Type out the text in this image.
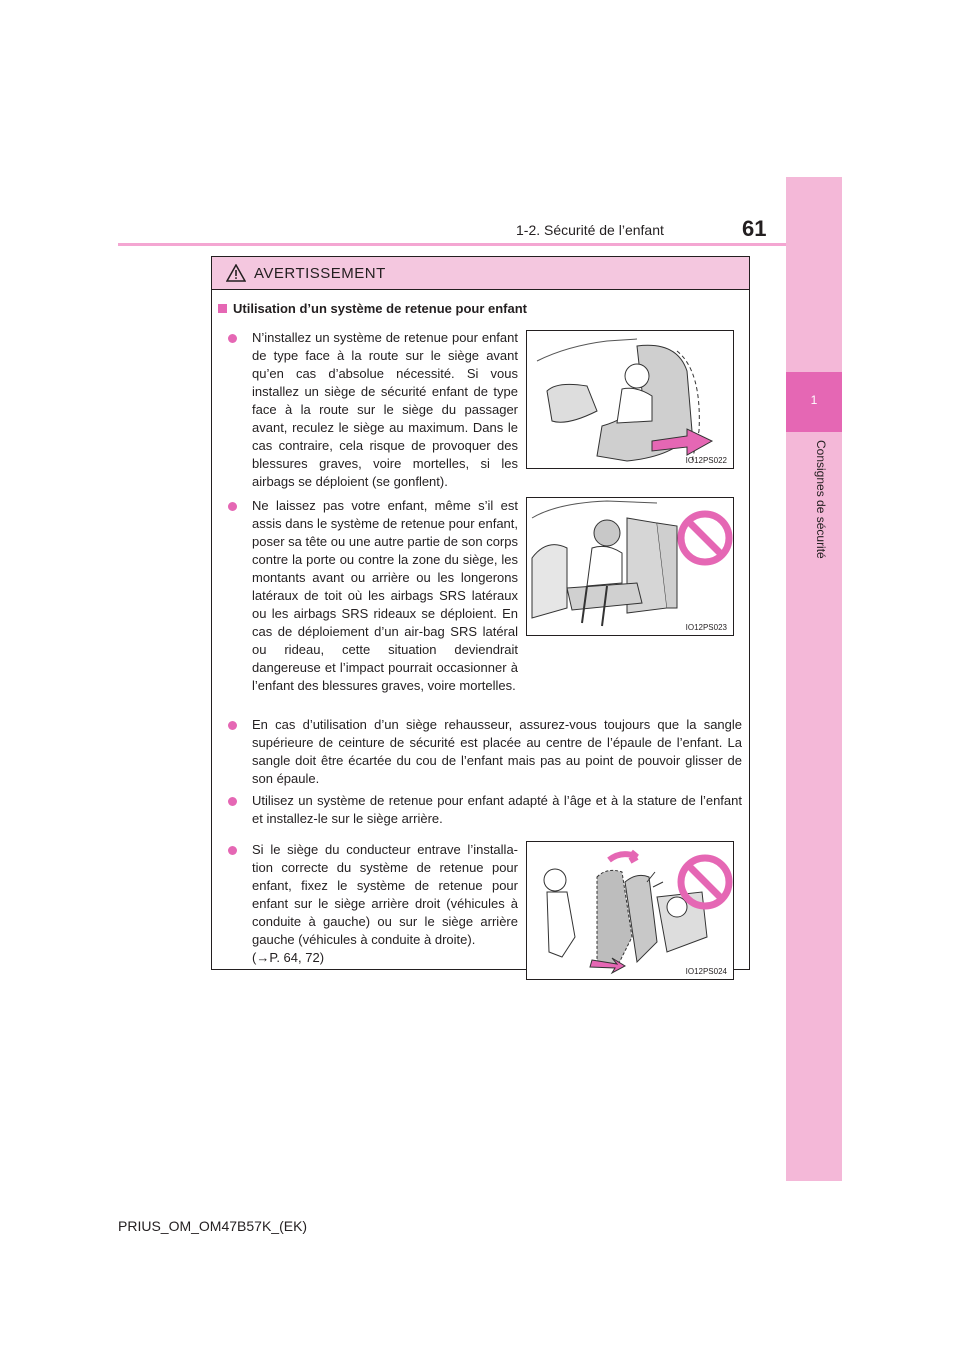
1-2. Sécurité de l’enfant	61
1
Consignes de sécurité
AVERTISSEMENT
Utilisation d’un système de retenue pour enfant
N’installez un système de retenue pour enfant de type face à la route sur le siège avant qu’en cas d’absolue nécessité. Si vous installez un siège de sécurité enfant de type face à la route sur le siège du passager avant, reculez le siège au maximum. Dans le cas contraire, cela risque de provoquer des blessures graves, voire mortelles, si les airbags se déploient (se gonflent).
IO12PS022
Ne laissez pas votre enfant, même s’il est assis dans le système de retenue pour enfant, poser sa tête ou une autre partie de son corps contre la porte ou contre la zone du siège, les montants avant ou arrière ou les longerons latéraux de toit où les airbags SRS latéraux ou les airbags SRS rideaux se déploient. En cas de déploiement d’un air-bag SRS latéral ou rideau, cette situation deviendrait dangereuse et l’impact pourrait occasionner à l’enfant des blessures graves, voire mortelles.
IO12PS023
En cas d’utilisation d’un siège rehausseur, assurez-vous toujours que la sangle supérieure de ceinture de sécurité est placée au centre de l’épaule de l’enfant. La sangle doit être écartée du cou de l’enfant mais pas au point de pouvoir glisser de son épaule.
Utilisez un système de retenue pour enfant adapté à l’âge et à la stature de l’enfant et installez-le sur le siège arrière.
Si le siège du conducteur entrave l’installa-tion correcte du système de retenue pour enfant, fixez le système de retenue pour enfant sur le siège arrière droit (véhicules à conduite à gauche) ou sur le siège arrière gauche (véhicules à conduite à droite).
(→P. 64, 72)
IO12PS024
PRIUS_OM_OM47B57K_(EK)
